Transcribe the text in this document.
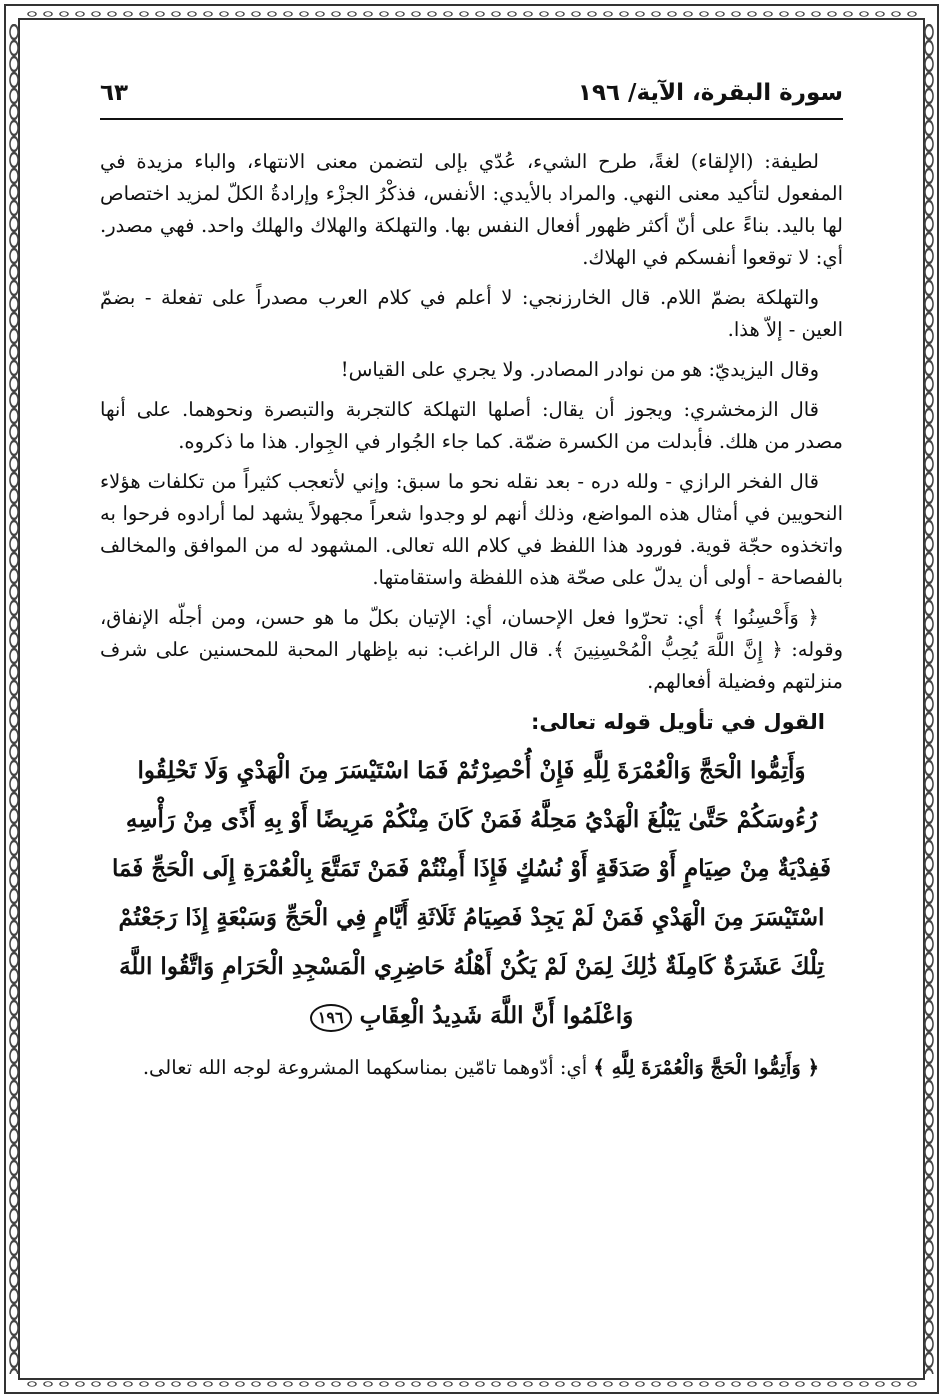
سورة البقرة، الآية/ ١٩٦
٦٣

لطيفة: (الإلقاء) لغةً، طرح الشيء، عُدّي بإلى لتضمن معنى الانتهاء، والباء مزيدة في المفعول لتأكيد معنى النهي. والمراد بالأيدي: الأنفس، فذكْرُ الجزْء وإرادةُ الكلّ لمزيد اختصاص لها باليد. بناءً على أنّ أكثر ظهور أفعال النفس بها. والتهلكة والهلاك والهلك واحد. فهي مصدر. أي: لا توقعوا أنفسكم في الهلاك.

والتهلكة بضمّ اللام. قال الخارزنجي: لا أعلم في كلام العرب مصدراً على تفعلة - بضمّ العين - إلاّ هذا.

وقال اليزيديّ: هو من نوادر المصادر. ولا يجري على القياس!

قال الزمخشري: ويجوز أن يقال: أصلها التهلكة كالتجربة والتبصرة ونحوهما. على أنها مصدر من هلك. فأبدلت من الكسرة ضمّة. كما جاء الجُوار في الجِوار. هذا ما ذكروه.

قال الفخر الرازي - ولله دره - بعد نقله نحو ما سبق: وإني لأتعجب كثيراً من تكلفات هؤلاء النحويين في أمثال هذه المواضع، وذلك أنهم لو وجدوا شعراً مجهولاً يشهد لما أرادوه فرحوا به واتخذوه حجّة قوية. فورود هذا اللفظ في كلام الله تعالى. المشهود له من الموافق والمخالف بالفصاحة - أولى أن يدلّ على صحّة هذه اللفظة واستقامتها.

﴿ وَأَحْسِنُوا ﴾ أي: تحرّوا فعل الإحسان، أي: الإتيان بكلّ ما هو حسن، ومن أجلّه الإنفاق، وقوله: ﴿ إِنَّ اللَّهَ يُحِبُّ الْمُحْسِنِينَ ﴾. قال الراغب: نبه بإظهار المحبة للمحسنين على شرف منزلتهم وفضيلة أفعالهم.

القول في تأويل قوله تعالى:
وَأَتِمُّوا الْحَجَّ وَالْعُمْرَةَ لِلَّهِ فَإِنْ أُحْصِرْتُمْ فَمَا اسْتَيْسَرَ مِنَ الْهَدْيِ وَلَا تَحْلِقُوا رُءُوسَكُمْ حَتَّىٰ يَبْلُغَ الْهَدْيُ مَحِلَّهُ فَمَنْ كَانَ مِنْكُمْ مَرِيضًا أَوْ بِهِ أَذًى مِنْ رَأْسِهِ فَفِدْيَةٌ مِنْ صِيَامٍ أَوْ صَدَقَةٍ أَوْ نُسُكٍ فَإِذَا أَمِنْتُمْ فَمَنْ تَمَتَّعَ بِالْعُمْرَةِ إِلَى الْحَجِّ فَمَا اسْتَيْسَرَ مِنَ الْهَدْيِ فَمَنْ لَمْ يَجِدْ فَصِيَامُ ثَلَاثَةِ أَيَّامٍ فِي الْحَجِّ وَسَبْعَةٍ إِذَا رَجَعْتُمْ تِلْكَ عَشَرَةٌ كَامِلَةٌ ذَٰلِكَ لِمَنْ لَمْ يَكُنْ أَهْلُهُ حَاضِرِي الْمَسْجِدِ الْحَرَامِ وَاتَّقُوا اللَّهَ وَاعْلَمُوا أَنَّ اللَّهَ شَدِيدُ الْعِقَابِ ١٩٦

﴿ وَأَتِمُّوا الْحَجَّ وَالْعُمْرَةَ لِلَّهِ ﴾ أي: أدّوهما تامّين بمناسكهما المشروعة لوجه الله تعالى.
